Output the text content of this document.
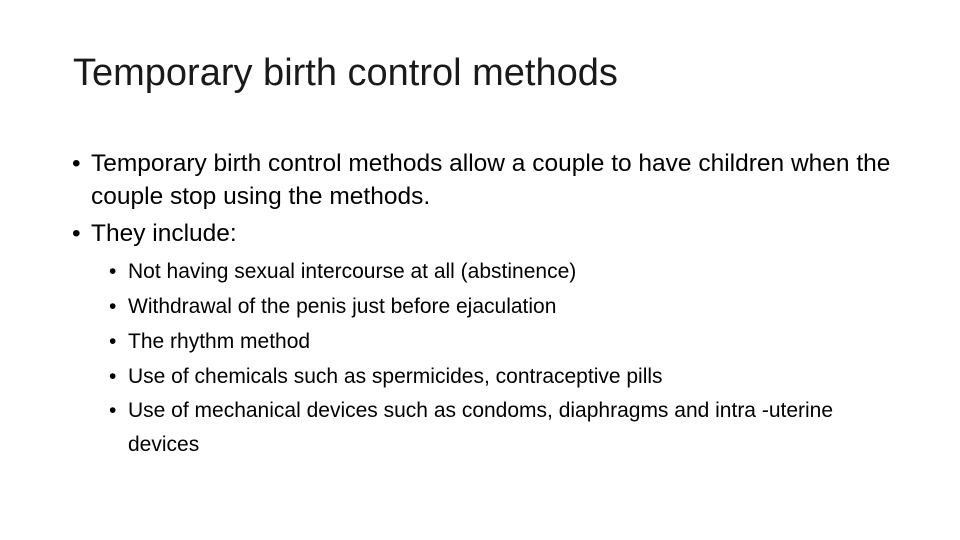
Temporary birth control methods
• Temporary birth control methods allow a couple to have children when the couple stop using the methods.
• They include:
• Not having sexual intercourse at all (abstinence)
• Withdrawal of the penis just before ejaculation
• The rhythm method
• Use of chemicals such as spermicides, contraceptive pills
• Use of mechanical devices such as condoms, diaphragms and intra -uterine devices
